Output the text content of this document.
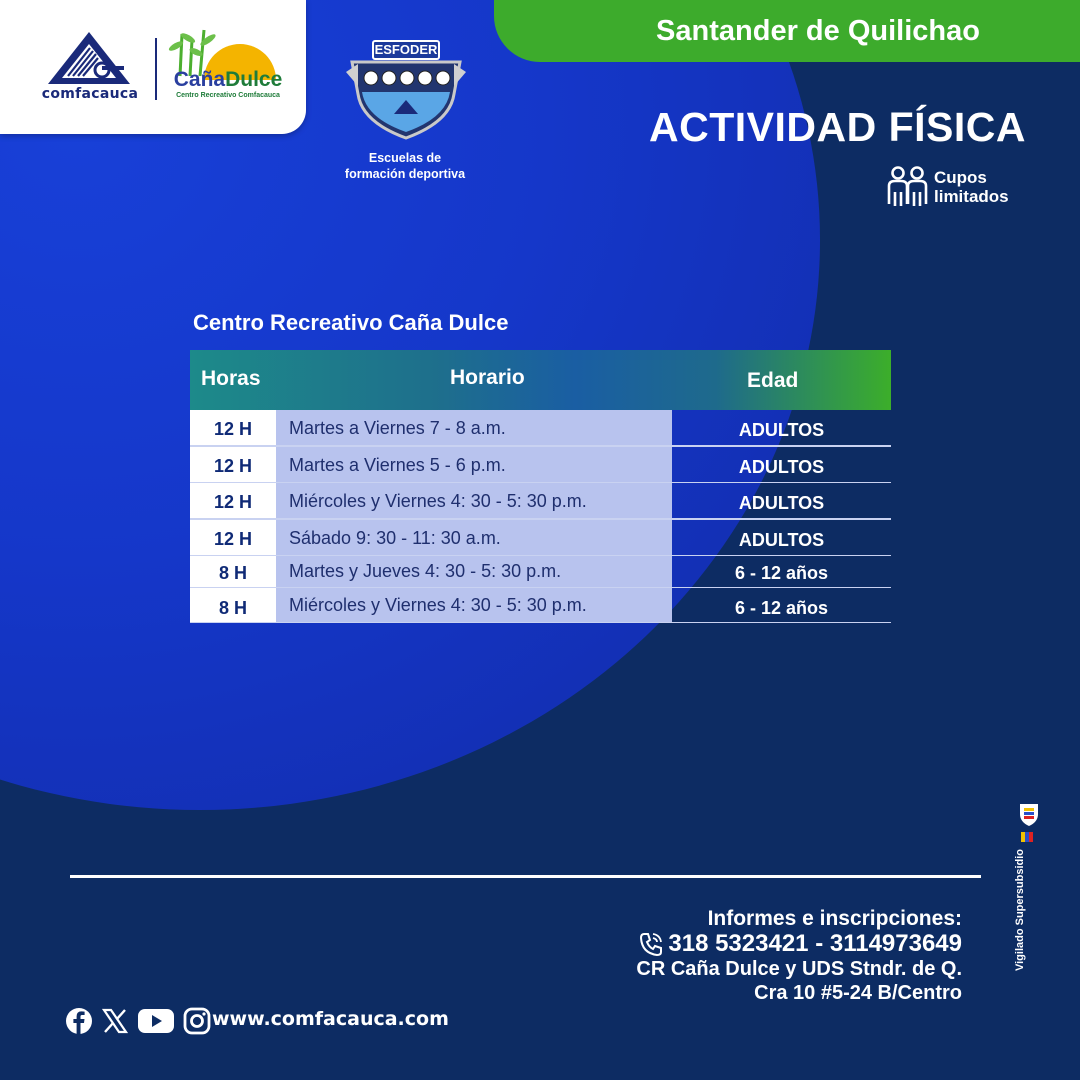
comfacauca
CañaDulce
Centro Recreativo Comfacauca
ESFODER
Escuelas de
formación deportiva
Santander de Quilichao
ACTIVIDAD FÍSICA
Cupos
limitados
Centro Recreativo Caña Dulce
Horas	Horario	Edad
12 H	Martes a Viernes 7 - 8 a.m.	ADULTOS
12 H	Martes a Viernes 5 - 6 p.m.	ADULTOS
12 H	Miércoles y Viernes 4: 30 - 5: 30 p.m.	ADULTOS
12 H	Sábado 9: 30 - 11: 30 a.m.	ADULTOS
8 H	Martes y Jueves 4: 30 - 5: 30 p.m.	6 - 12 años
8 H	Miércoles y Viernes 4: 30 - 5: 30 p.m.	6 - 12 años
Informes e inscripciones:
318 5323421 - 3114973649
CR Caña Dulce y UDS Stndr. de Q.
Cra 10 #5-24 B/Centro
www.comfacauca.com
Vigilado Supersubsidio
